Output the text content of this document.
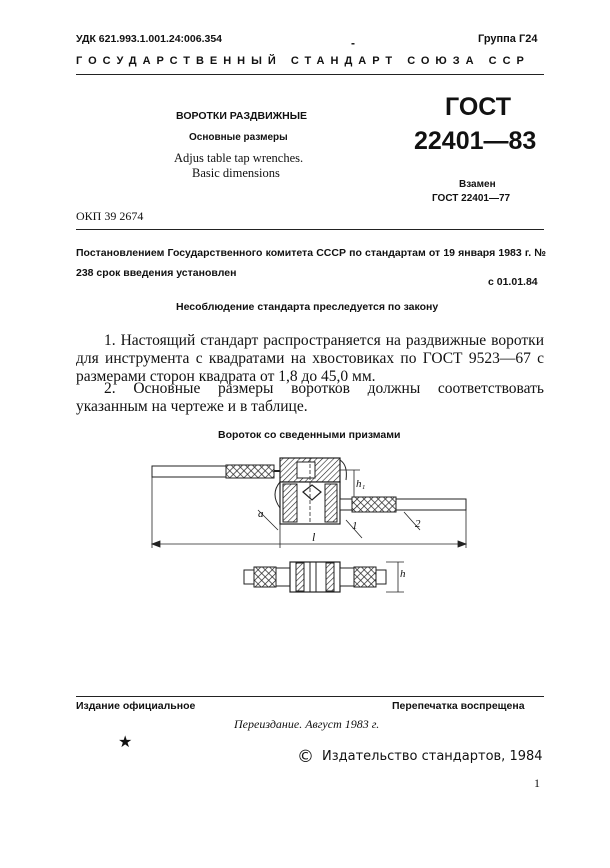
УДК 621.993.1.001.24:006.354	-	Группа Г24
ГОСУДАРСТВЕННЫЙ СТАНДАРТ СОЮЗА ССР
ВОРОТКИ РАЗДВИЖНЫЕ
Основные размеры
Adjus table tap wrenches.
Basic dimensions
ГОСТ
22401—83
Взамен
ГОСТ 22401—77
ОКП 39 2674
Постановлением Государственного комитета СССР по стандартам от 19 января 1983 г. № 238 срок введения установлен
с 01.01.84
Несоблюдение стандарта преследуется по закону
1. Настоящий стандарт распространяется на раздвижные воротки для инструмента с квадратами на хвостовиках по ГОСТ 9523—67 с размерами сторон квадрата от 1,8 до 45,0 мм.
2. Основные размеры воротков должны соответствовать указанным на чертеже и в таблице.
Вороток со сведенными призмами
a
h₁
1	2
l
h
Издание официальное	Перепечатка воспрещена
Переиздание. Август 1983 г.
★
© Издательство стандартов, 1984
1
